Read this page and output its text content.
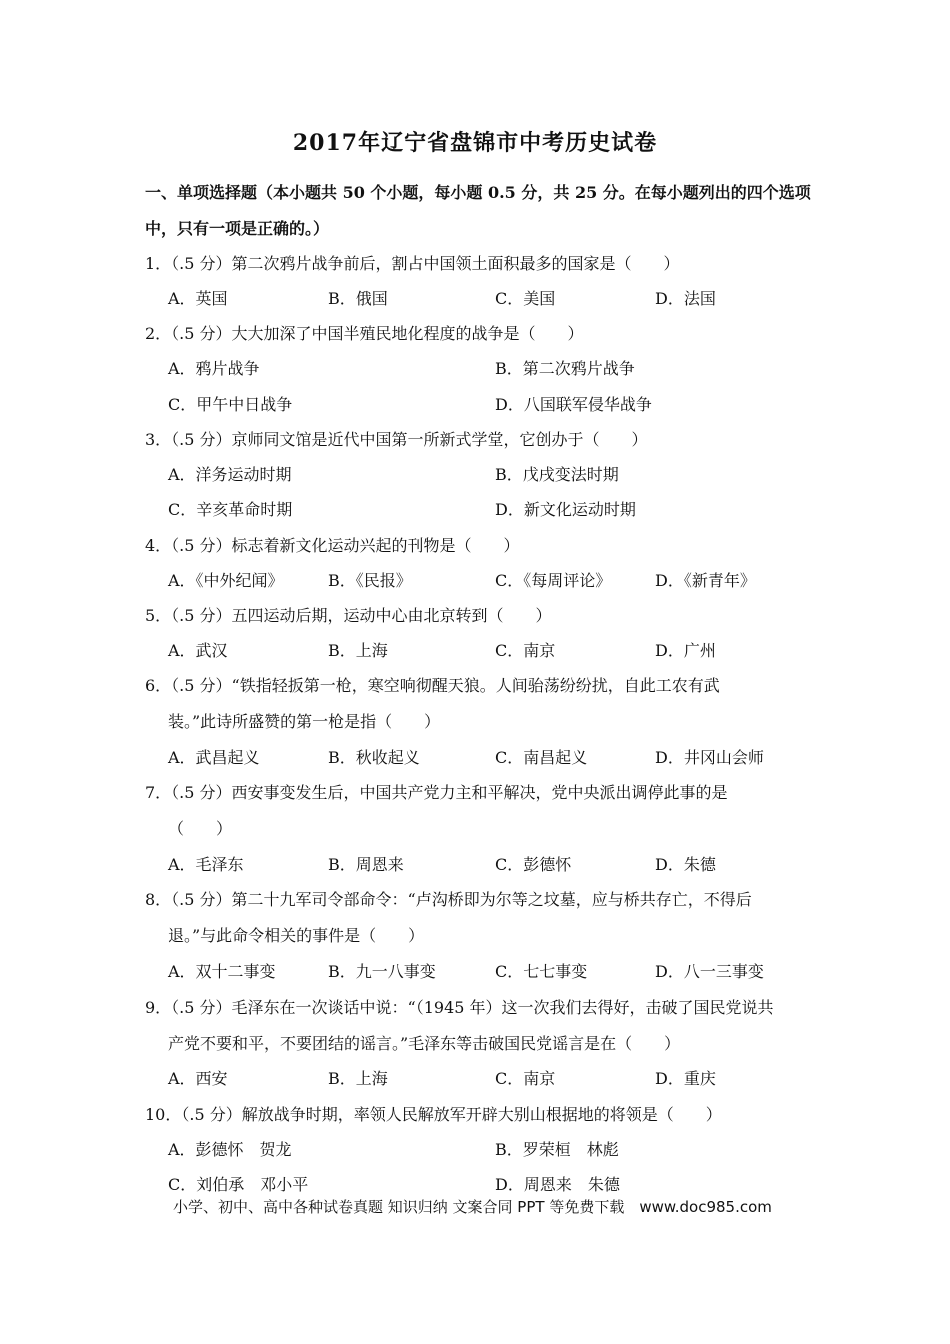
2017年辽宁省盘锦市中考历史试卷
一、单项选择题（本小题共 50 个小题，每小题 0.5 分，共 25 分。在每小题列出的四个选项
中，只有一项是正确的。）
1．（.5 分）第二次鸦片战争前后，割占中国领土面积最多的国家是（　　）
A．英国	B．俄国	C．美国	D．法国
2．（.5 分）大大加深了中国半殖民地化程度的战争是（　　）
A．鸦片战争	B．第二次鸦片战争
C．甲午中日战争	D．八国联军侵华战争
3．（.5 分）京师同文馆是近代中国第一所新式学堂，它创办于（　　）
A．洋务运动时期	B．戊戌变法时期
C．辛亥革命时期	D．新文化运动时期
4．（.5 分）标志着新文化运动兴起的刊物是（　　）
A．《中外纪闻》	B．《民报》	C．《每周评论》	D．《新青年》
5．（.5 分）五四运动后期，运动中心由北京转到（　　）
A．武汉	B．上海	C．南京	D．广州
6．（.5 分）“铁指轻扳第一枪，寒空响彻醒天狼。人间骀荡纷纷扰，自此工农有武
装。”此诗所盛赞的第一枪是指（　　）
A．武昌起义	B．秋收起义	C．南昌起义	D．井冈山会师
7．（.5 分）西安事变发生后，中国共产党力主和平解决，党中央派出调停此事的是
（　　）
A．毛泽东	B．周恩来	C．彭德怀	D．朱德
8．（.5 分）第二十九军司令部命令：“卢沟桥即为尔等之坟墓，应与桥共存亡，不得后
退。”与此命令相关的事件是（　　）
A．双十二事变	B．九一八事变	C．七七事变	D．八一三事变
9．（.5 分）毛泽东在一次谈话中说：“（1945 年）这一次我们去得好，击破了国民党说共
产党不要和平，不要团结的谣言。”毛泽东等击破国民党谣言是在（　　）
A．西安	B．上海	C．南京	D．重庆
10．（.5 分）解放战争时期，率领人民解放军开辟大别山根据地的将领是（　　）
A．彭德怀　贺龙	B．罗荣桓　林彪
C．刘伯承　邓小平	D．周恩来　朱德
小学、初中、高中各种试卷真题 知识归纳 文案合同 PPT 等免费下载　www.doc985.com
